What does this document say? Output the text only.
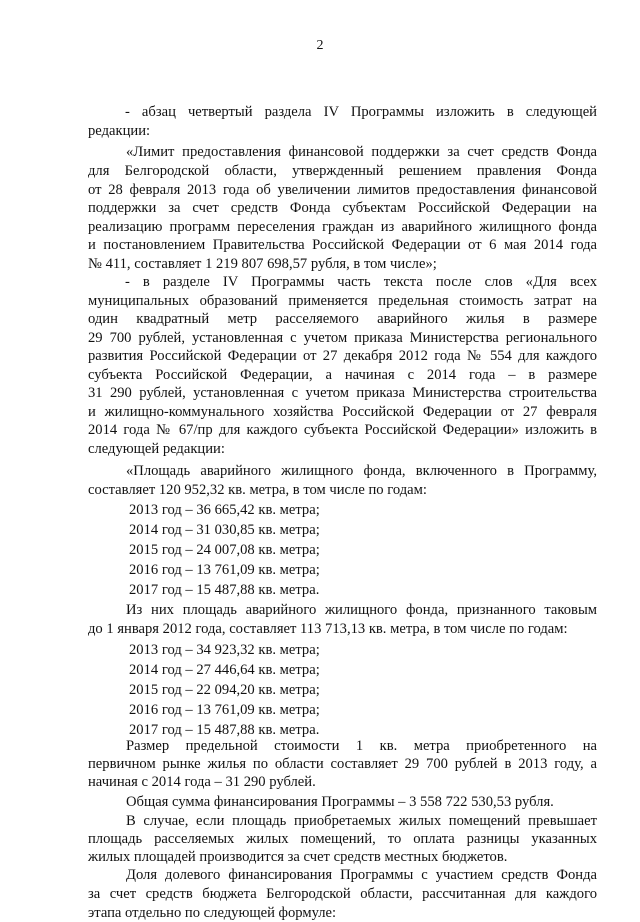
2
- абзац четвертый раздела IV Программы изложить в следующей
редакции:
«Лимит предоставления финансовой поддержки за счет средств Фонда
для Белгородской области, утвержденный решением правления Фонда
от 28 февраля 2013 года об увеличении лимитов предоставления финансовой
поддержки за счет средств Фонда субъектам Российской Федерации на
реализацию программ переселения граждан из аварийного жилищного фонда
и постановлением Правительства Российской Федерации от 6 мая 2014 года
№ 411, составляет 1 219 807 698,57 рубля, в том числе»;
- в разделе IV Программы часть текста после слов «Для всех
муниципальных образований применяется предельная стоимость затрат на
один квадратный метр расселяемого аварийного жилья в размере
29 700 рублей, установленная с учетом приказа Министерства регионального
развития Российской Федерации от 27 декабря 2012 года № 554 для каждого
субъекта Российской Федерации, а начиная с 2014 года – в размере
31 290 рублей, установленная с учетом приказа Министерства строительства
и жилищно-коммунального хозяйства Российской Федерации от 27 февраля
2014 года № 67/пр для каждого субъекта Российской Федерации» изложить в
следующей редакции:
«Площадь аварийного жилищного фонда, включенного в Программу,
составляет 120 952,32 кв. метра, в том числе по годам:
2013 год – 36 665,42 кв. метра;
2014 год – 31 030,85 кв. метра;
2015 год – 24 007,08 кв. метра;
2016 год – 13 761,09 кв. метра;
2017 год – 15 487,88 кв. метра.
Из них площадь аварийного жилищного фонда, признанного таковым
до 1 января 2012 года, составляет 113 713,13 кв. метра, в том числе по годам:
2013 год – 34 923,32 кв. метра;
2014 год – 27 446,64 кв. метра;
2015 год – 22 094,20 кв. метра;
2016 год – 13 761,09 кв. метра;
2017 год – 15 487,88 кв. метра.
Размер предельной стоимости 1 кв. метра приобретенного на
первичном рынке жилья по области составляет 29 700 рублей в 2013 году, а
начиная с 2014 года – 31 290 рублей.
Общая сумма финансирования Программы – 3 558 722 530,53 рубля.
В случае, если площадь приобретаемых жилых помещений превышает
площадь расселяемых жилых помещений, то оплата разницы указанных
жилых площадей производится за счет средств местных бюджетов.
Доля долевого финансирования Программы с участием средств Фонда
за счет средств бюджета Белгородской области, рассчитанная для каждого
этапа отдельно по следующей формуле:
